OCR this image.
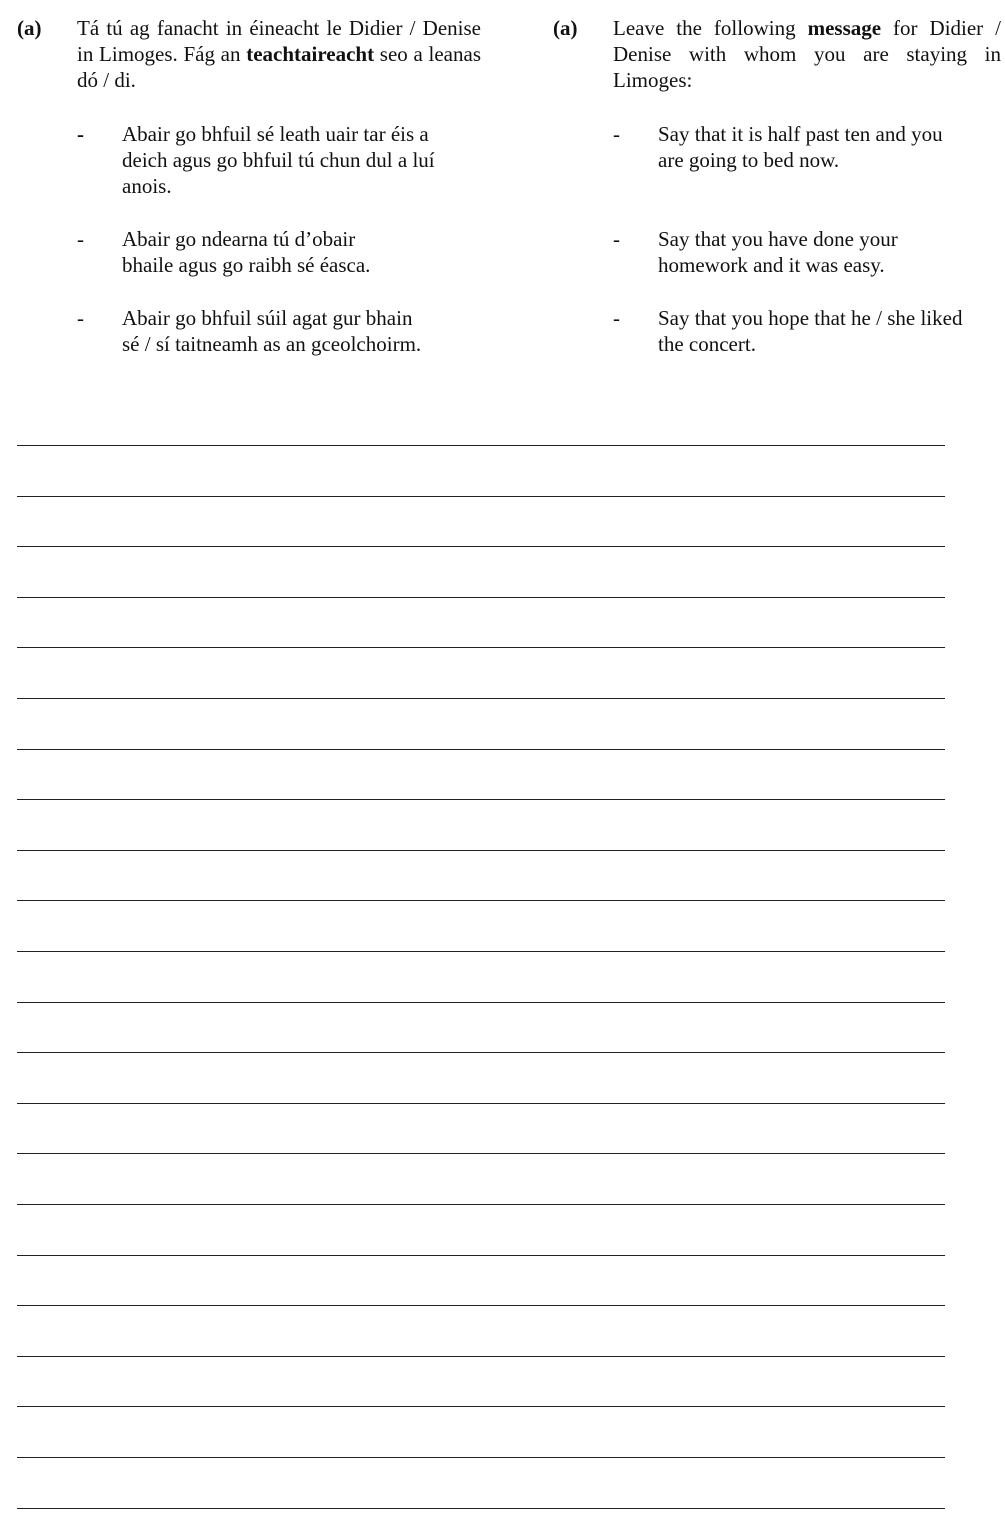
(a) Tá tú ag fanacht in éineacht le Didier / Denise in Limoges. Fág an teachtaireacht seo a leanas dó / di.
- Abair go bhfuil sé leath uair tar éis a
deich agus go bhfuil tú chun dul a luí
anois.
- Abair go ndearna tú d’obair
bhaile agus go raibh sé éasca.
- Abair go bhfuil súil agat gur bhain
sé / sí taitneamh as an gceolchoirm.
(a) Leave the following message for Didier / Denise with whom you are staying in Limoges:
- Say that it is half past ten and you
are going to bed now.
- Say that you have done your
homework and it was easy.
- Say that you hope that he / she liked
the concert.
